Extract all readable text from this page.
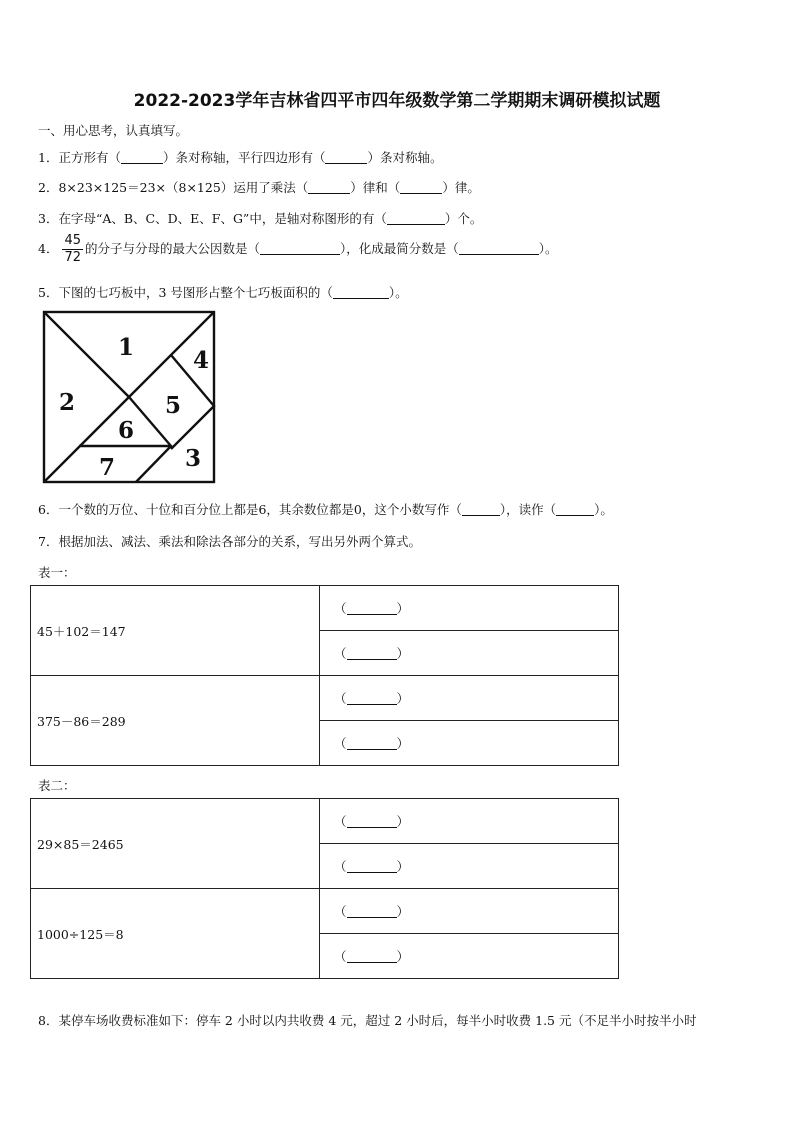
2022-2023学年吉林省四平市四年级数学第二学期期末调研模拟试题
一、用心思考，认真填写。
1．正方形有（	）条对称轴，平行四边形有（	）条对称轴。
2．8×23×125＝23×（8×125）运用了乘法（	）律和（	）律。
3．在字母“A、B、C、D、E、F、G”中，是轴对称图形的有（	）个。
4． $\frac{45}{72}$ 的分子与分母的最大公因数是（	），化成最简分数是（	）。
5．下图的七巧板中，3 号图形占整个七巧板面积的（	）。
1
2
3
4
5
6
7
6．一个数的万位、十位和百分位上都是6，其余数位都是0，这个小数写作（	），读作（	）。
7．根据加法、减法、乘法和除法各部分的关系，写出另外两个算式。
表一：
45＋102＝147	（ ）
	（ ）
375－86＝289	（ ）
	（ ）
表二：
29×85＝2465	（ ）
	（ ）
1000÷125＝8	（ ）
	（ ）
8．某停车场收费标准如下：停车 2 小时以内共收费 4 元，超过 2 小时后，每半小时收费 1.5 元（不足半小时按半小时
